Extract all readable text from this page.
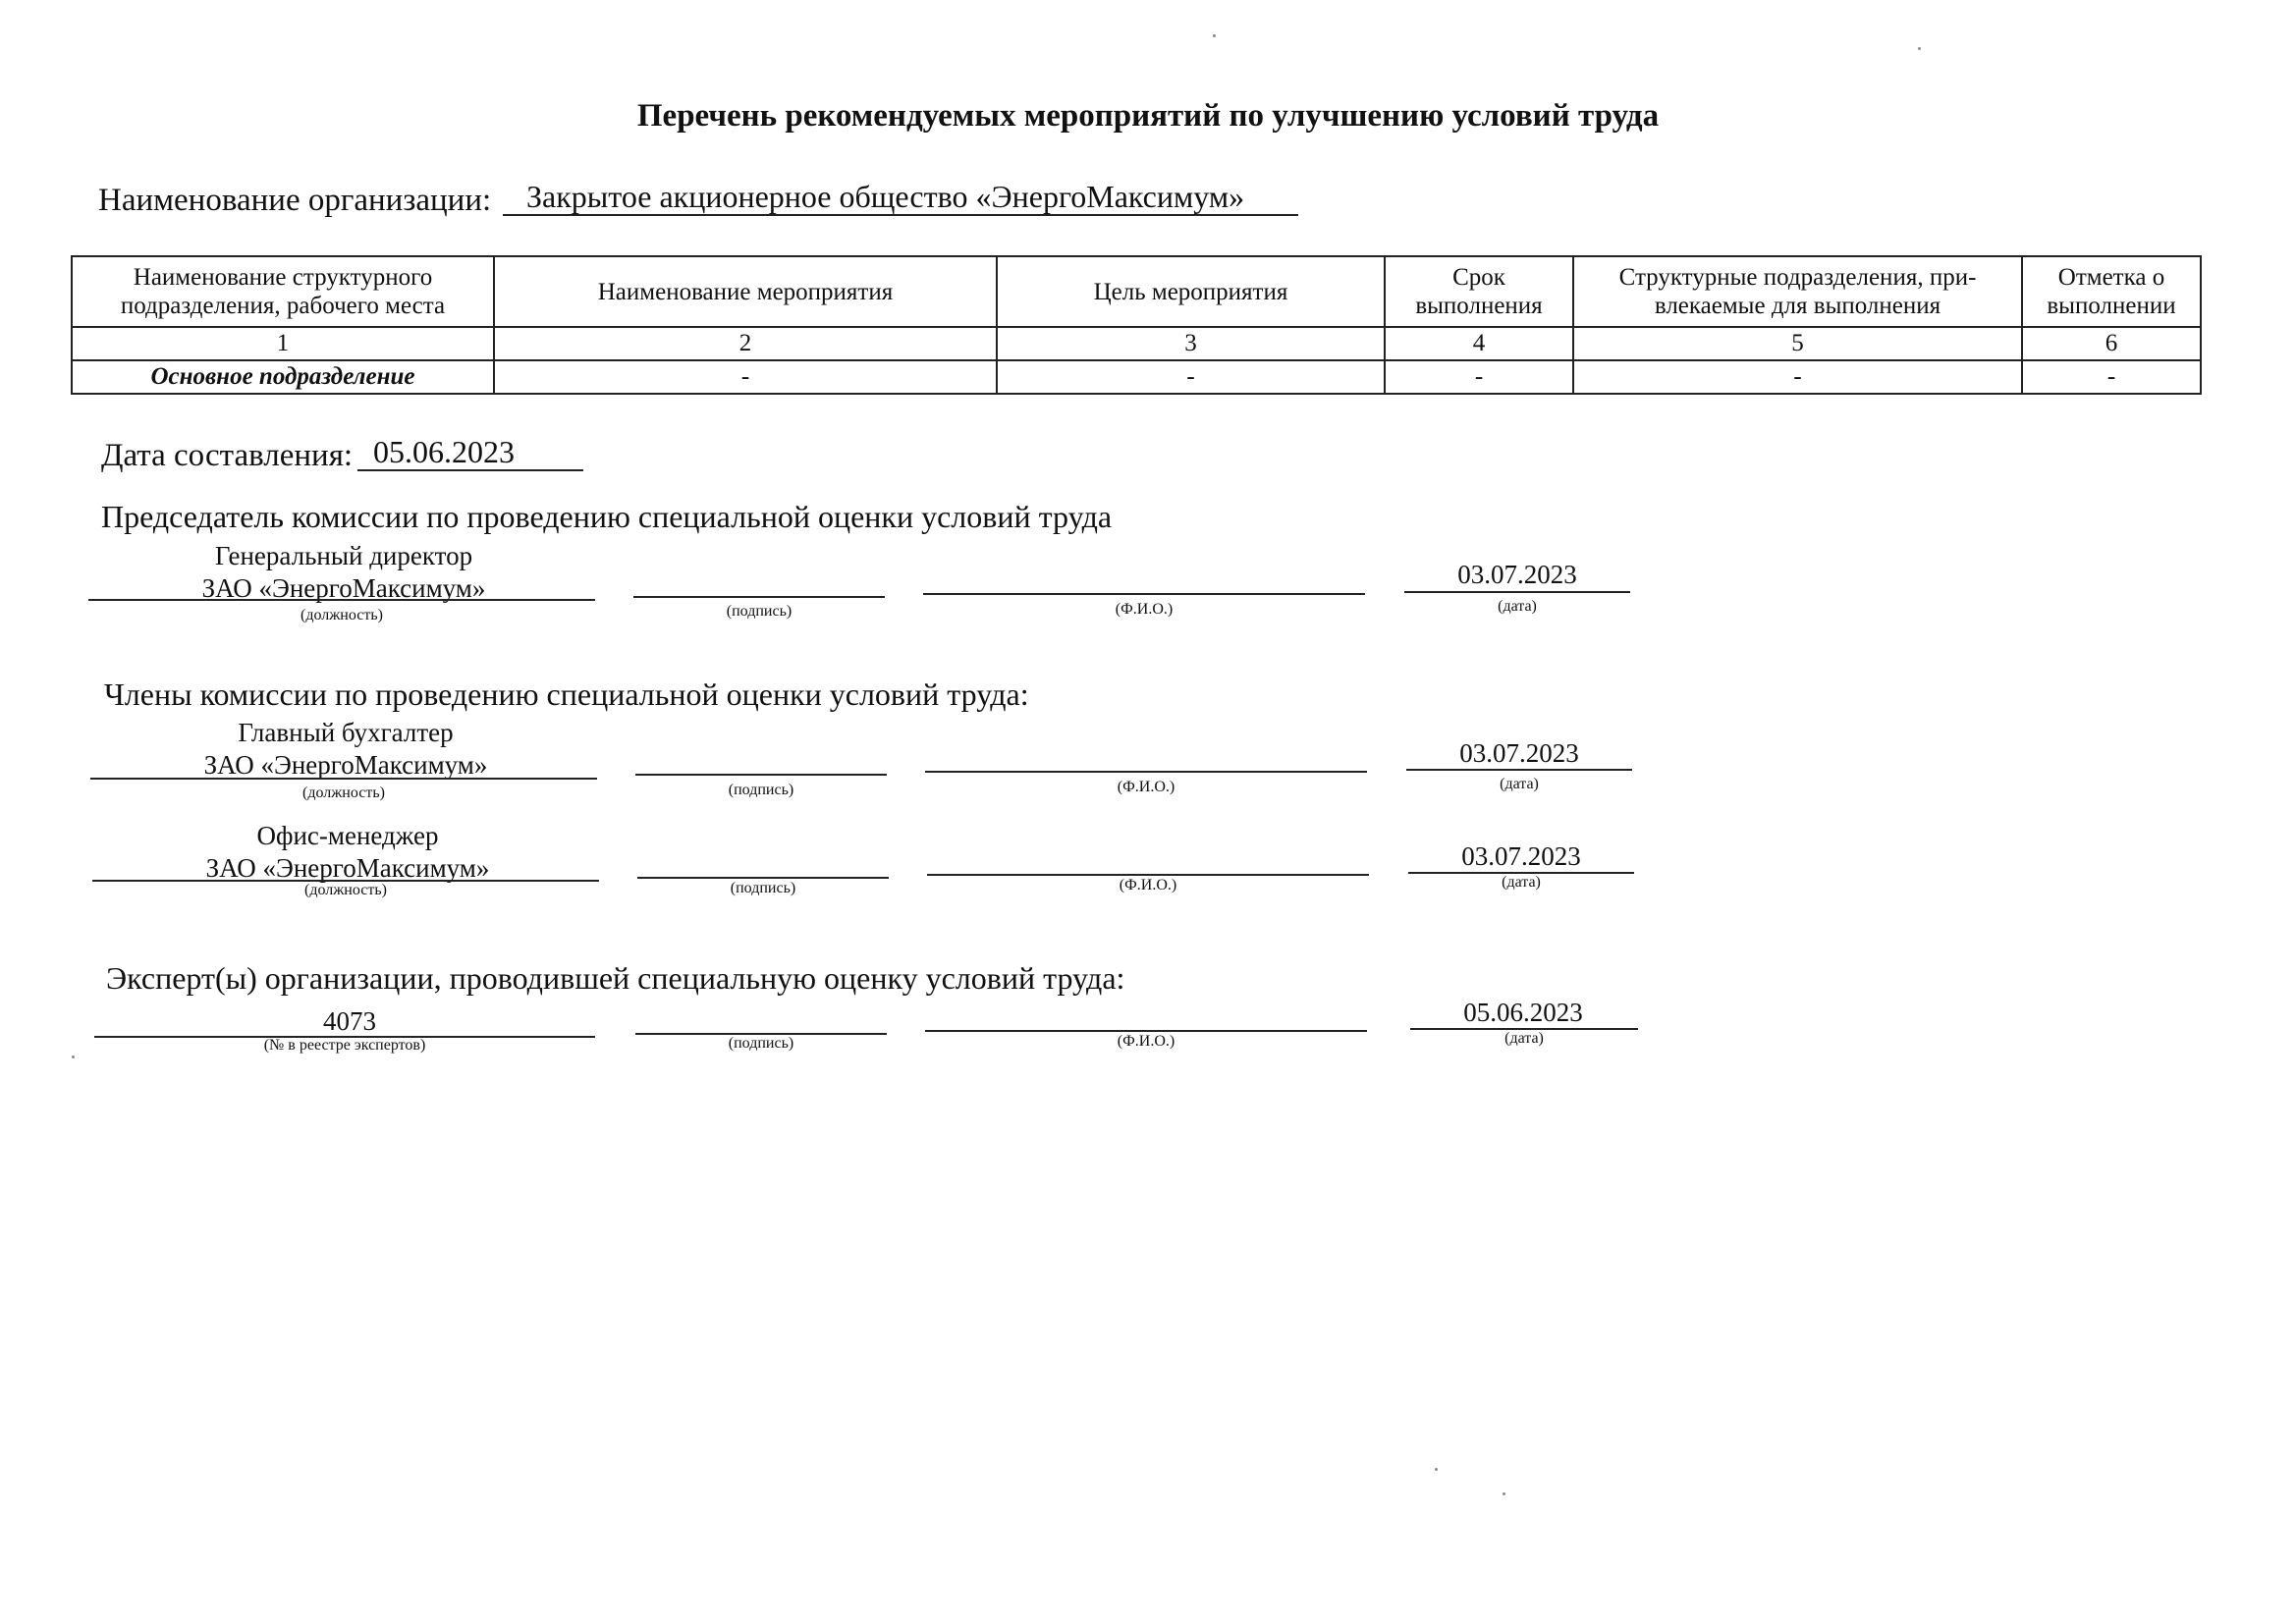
Перечень рекомендуемых мероприятий по улучшению условий труда
Наименование организации:	Закрытое акционерное общество «ЭнергоМаксимум»
Наименование структурного подразделения, рабочего места	Наименование мероприятия	Цель мероприятия	Срок выполнения	Структурные подразделения, при-влекаемые для выполнения	Отметка о выполнении
1	2	3	4	5	6
Основное подразделение	-	-	-	-	-
Дата составления: 05.06.2023
Председатель комиссии по проведению специальной оценки условий труда
Генеральный директор
ЗАО «ЭнергоМаксимум»
(должность)	(подпись)	(Ф.И.О.)
03.07.2023
(дата)
Члены комиссии по проведению специальной оценки условий труда:
Главный бухгалтер
ЗАО «ЭнергоМаксимум»
(должность)	(подпись)	(Ф.И.О.)
03.07.2023
(дата)
Офис-менеджер
ЗАО «ЭнергоМаксимум»
(должность)	(подпись)	(Ф.И.О.)
03.07.2023
(дата)
Эксперт(ы) организации, проводившей специальную оценку условий труда:
4073
(№ в реестре экспертов)	(подпись)	(Ф.И.О.)
05.06.2023
(дата)
